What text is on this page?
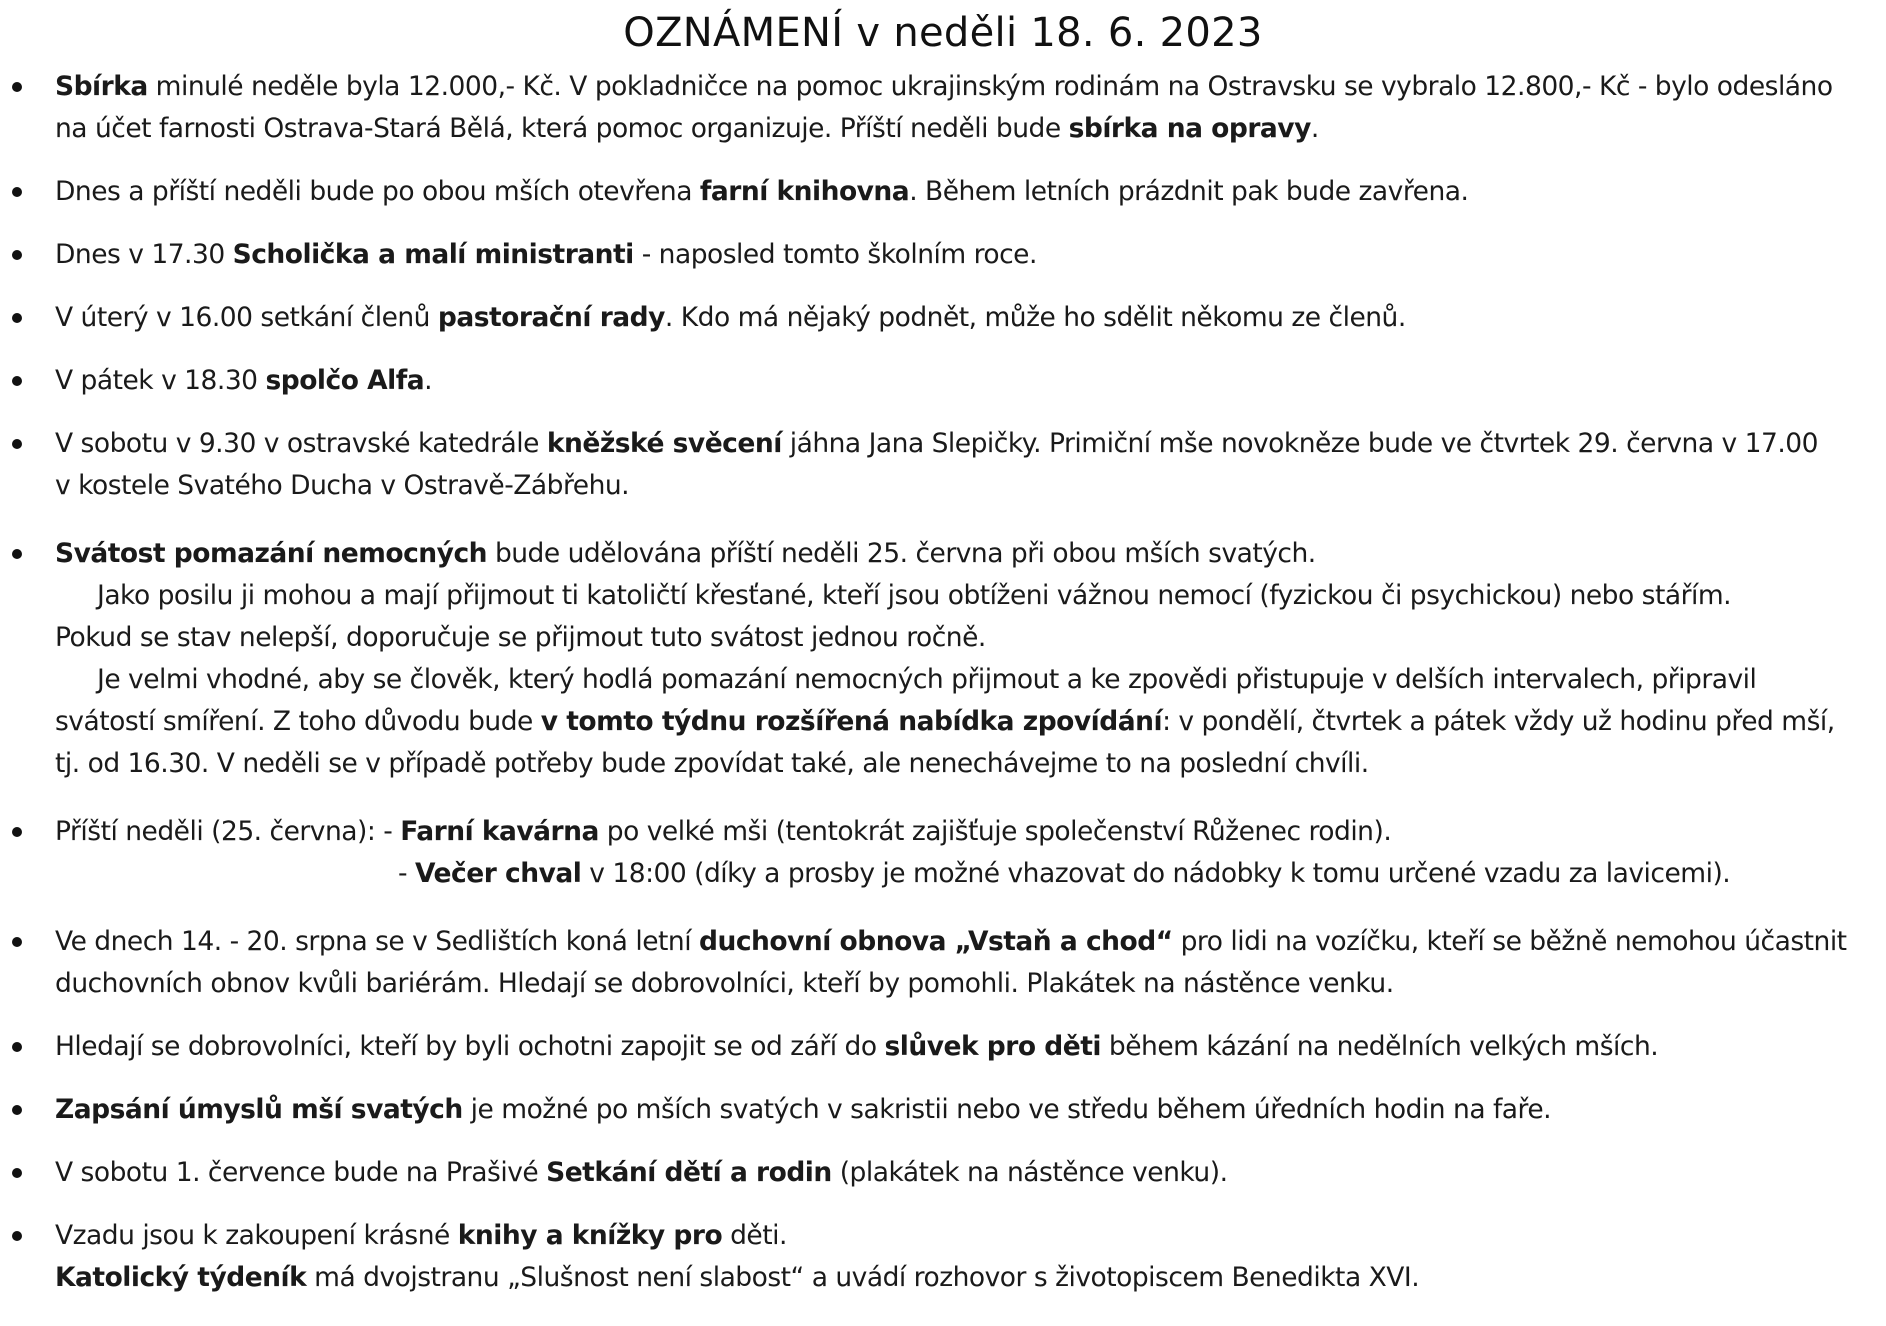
OZNÁMENÍ v neděli 18. 6. 2023
Sbírka minulé neděle byla 12.000,- Kč. V pokladničce na pomoc ukrajinským rodinám na Ostravsku se vybralo 12.800,- Kč - bylo odesláno
na účet farnosti Ostrava-Stará Bělá, která pomoc organizuje. Příští neděli bude sbírka na opravy.
Dnes a příští neděli bude po obou mších otevřena farní knihovna. Během letních prázdnit pak bude zavřena.
Dnes v 17.30 Scholička a malí ministranti - naposled tomto školním roce.
V úterý v 16.00 setkání členů pastorační rady. Kdo má nějaký podnět, může ho sdělit někomu ze členů.
V pátek v 18.30 spolčo Alfa.
V sobotu v 9.30 v ostravské katedrále kněžské svěcení jáhna Jana Slepičky. Primiční mše novokněze bude ve čtvrtek 29. června v 17.00
v kostele Svatého Ducha v Ostravě-Zábřehu.
Svátost pomazání nemocných bude udělována příští neděli 25. června při obou mších svatých.
Jako posilu ji mohou a mají přijmout ti katoličtí křesťané, kteří jsou obtíženi vážnou nemocí (fyzickou či psychickou) nebo stářím.
Pokud se stav nelepší, doporučuje se přijmout tuto svátost jednou ročně.
Je velmi vhodné, aby se člověk, který hodlá pomazání nemocných přijmout a ke zpovědi přistupuje v delších intervalech, připravil
svátostí smíření. Z toho důvodu bude v tomto týdnu rozšířená nabídka zpovídání: v pondělí, čtvrtek a pátek vždy už hodinu před mší,
tj. od 16.30. V neděli se v případě potřeby bude zpovídat také, ale nenechávejme to na poslední chvíli.
Příští neděli (25. června): - Farní kavárna po velké mši (tentokrát zajišťuje společenství Růženec rodin).
- Večer chval v 18:00 (díky a prosby je možné vhazovat do nádobky k tomu určené vzadu za lavicemi).
Ve dnech 14. - 20. srpna se v Sedlištích koná letní duchovní obnova „Vstaň a chod“ pro lidi na vozíčku, kteří se běžně nemohou účastnit
duchovních obnov kvůli bariérám. Hledají se dobrovolníci, kteří by pomohli. Plakátek na nástěnce venku.
Hledají se dobrovolníci, kteří by byli ochotni zapojit se od září do slůvek pro děti během kázání na nedělních velkých mších.
Zapsání úmyslů mší svatých je možné po mších svatých v sakristii nebo ve středu během úředních hodin na faře.
V sobotu 1. července bude na Prašivé Setkání dětí a rodin (plakátek na nástěnce venku).
Vzadu jsou k zakoupení krásné knihy a knížky pro děti.
Katolický týdeník má dvojstranu „Slušnost není slabost“ a uvádí rozhovor s životopiscem Benedikta XVI.
